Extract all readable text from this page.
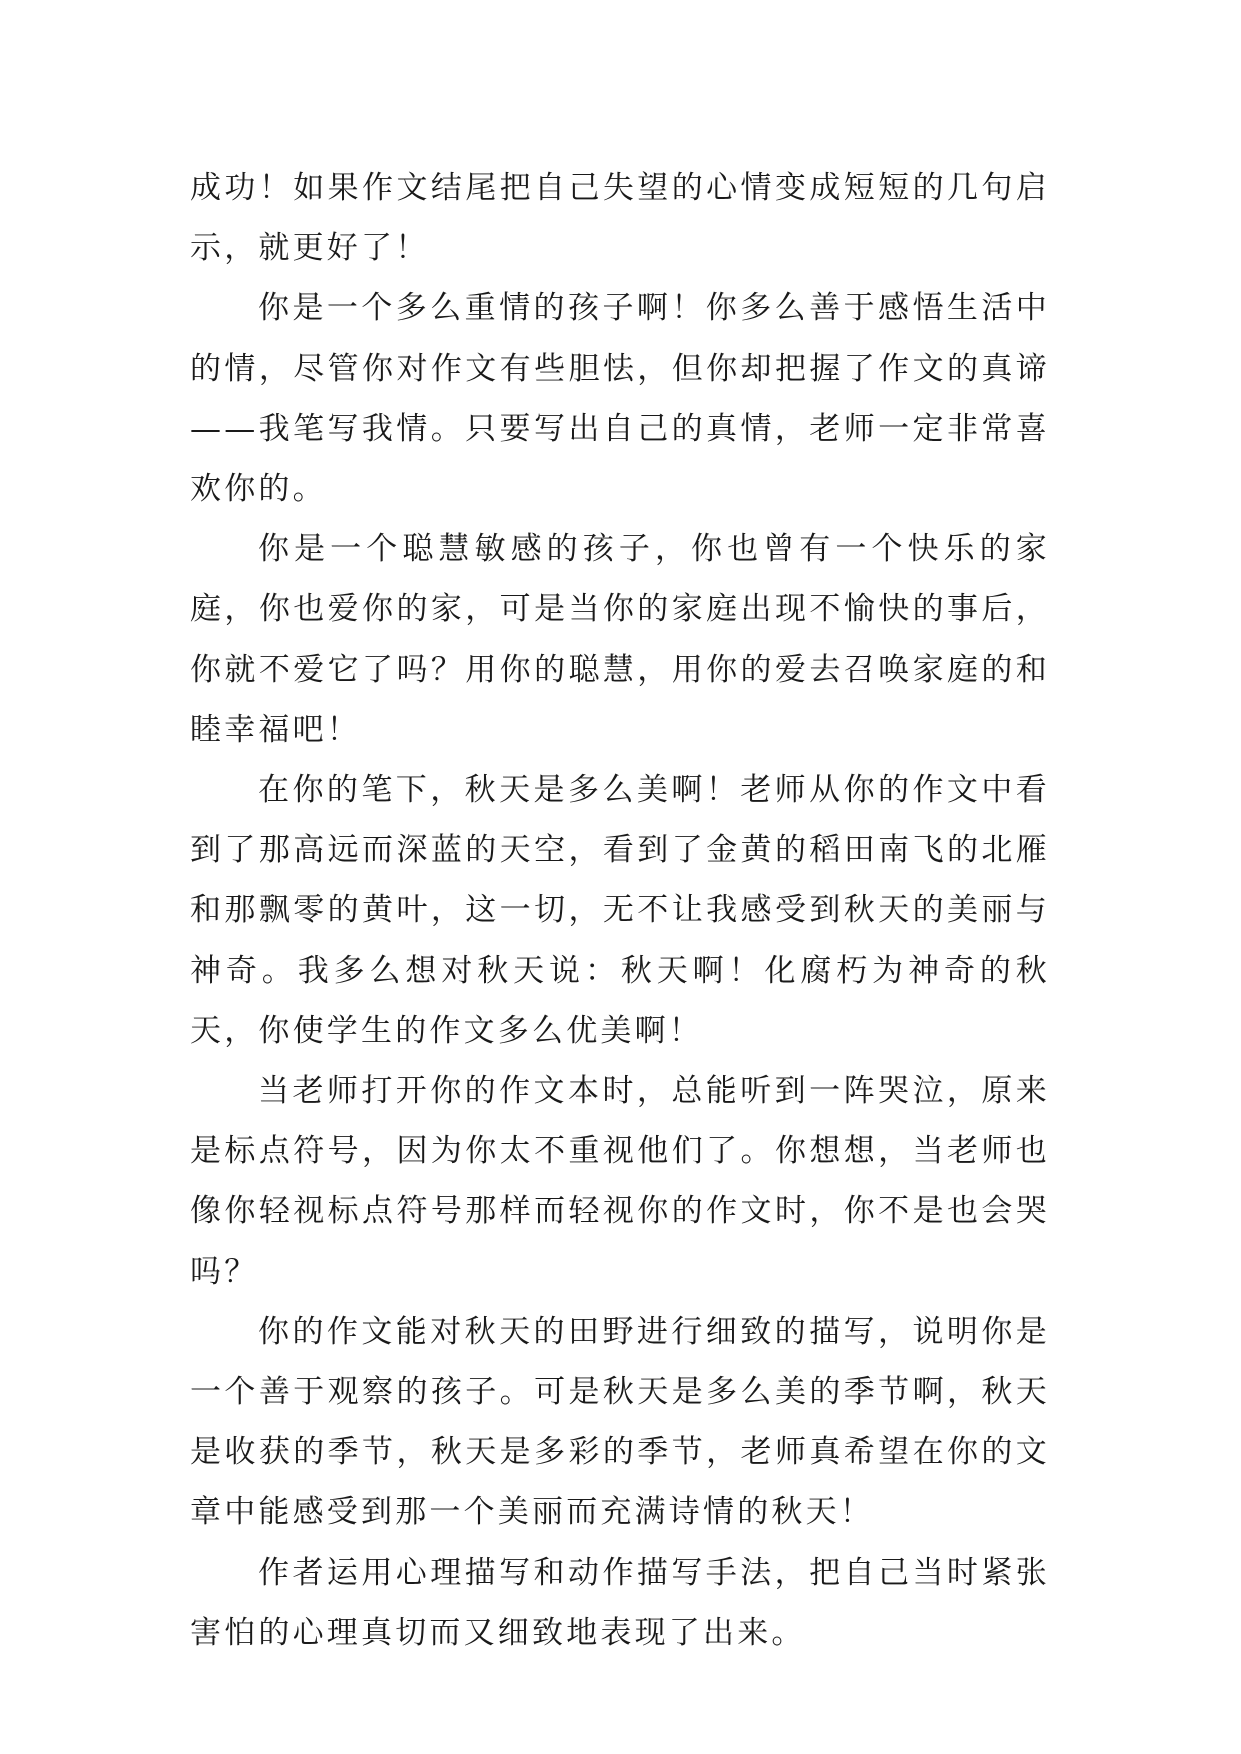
成功！如果作文结尾把自己失望的心情变成短短的几句启示，就更好了！

你是一个多么重情的孩子啊！你多么善于感悟生活中的情，尽管你对作文有些胆怯，但你却把握了作文的真谛——我笔写我情。只要写出自己的真情，老师一定非常喜欢你的。

你是一个聪慧敏感的孩子，你也曾有一个快乐的家庭，你也爱你的家，可是当你的家庭出现不愉快的事后，你就不爱它了吗？用你的聪慧，用你的爱去召唤家庭的和睦幸福吧！

在你的笔下，秋天是多么美啊！老师从你的作文中看到了那高远而深蓝的天空，看到了金黄的稻田南飞的北雁和那飘零的黄叶，这一切，无不让我感受到秋天的美丽与神奇。我多么想对秋天说：秋天啊！化腐朽为神奇的秋天，你使学生的作文多么优美啊！

当老师打开你的作文本时，总能听到一阵哭泣，原来是标点符号，因为你太不重视他们了。你想想，当老师也像你轻视标点符号那样而轻视你的作文时，你不是也会哭吗？

你的作文能对秋天的田野进行细致的描写，说明你是一个善于观察的孩子。可是秋天是多么美的季节啊，秋天是收获的季节，秋天是多彩的季节，老师真希望在你的文章中能感受到那一个美丽而充满诗情的秋天！

作者运用心理描写和动作描写手法，把自己当时紧张害怕的心理真切而又细致地表现了出来。
